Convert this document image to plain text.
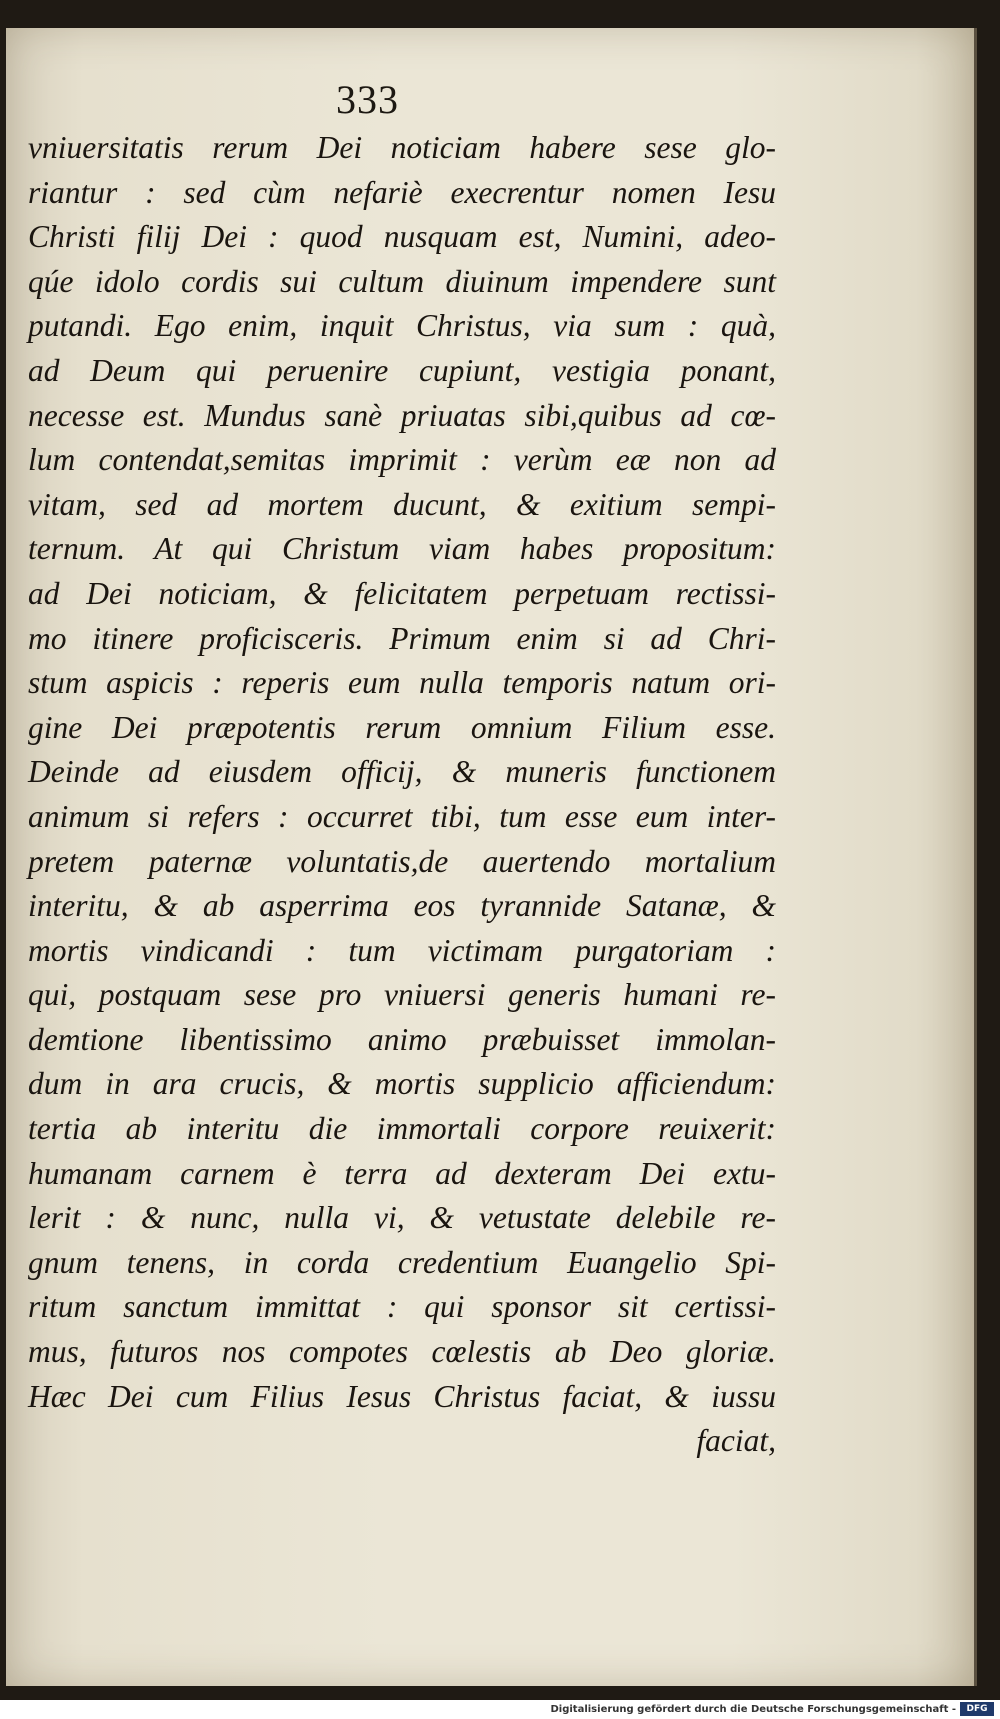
333
vniuersitatis rerum Dei noticiam habere sese glo-
riantur : sed cùm nefariè execrentur nomen Iesu
Christi filij Dei : quod nusquam est, Numini, adeo-
qúe idolo cordis sui cultum diuinum impendere sunt
putandi. Ego enim, inquit Christus, via sum : quà,
ad Deum qui peruenire cupiunt, vestigia ponant,
necesse est. Mundus sanè priuatas sibi,quibus ad cœ-
lum contendat,semitas imprimit : verùm eæ non ad
vitam, sed ad mortem ducunt, & exitium sempi-
ternum. At qui Christum viam habes propositum:
ad Dei noticiam, & felicitatem perpetuam rectissi-
mo itinere proficisceris. Primum enim si ad Chri-
stum aspicis : reperis eum nulla temporis natum ori-
gine Dei præpotentis rerum omnium Filium esse.
Deinde ad eiusdem officij, & muneris functionem
animum si refers : occurret tibi, tum esse eum inter-
pretem paternæ voluntatis,de auertendo mortalium
interitu, & ab asperrima eos tyrannide Satanæ, &
mortis vindicandi : tum victimam purgatoriam :
qui, postquam sese pro vniuersi generis humani re-
demtione libentissimo animo præbuisset immolan-
dum in ara crucis, & mortis supplicio afficiendum:
tertia ab interitu die immortali corpore reuixerit:
humanam carnem è terra ad dexteram Dei extu-
lerit : & nunc, nulla vi, & vetustate delebile re-
gnum tenens, in corda credentium Euangelio Spi-
ritum sanctum immittat : qui sponsor sit certissi-
mus, futuros nos compotes cœlestis ab Deo gloriæ.
Hæc Dei cum Filius Iesus Christus faciat, & iussu
faciat,
Digitalisierung gefördert durch die Deutsche Forschungsgemeinschaft -	DFG
